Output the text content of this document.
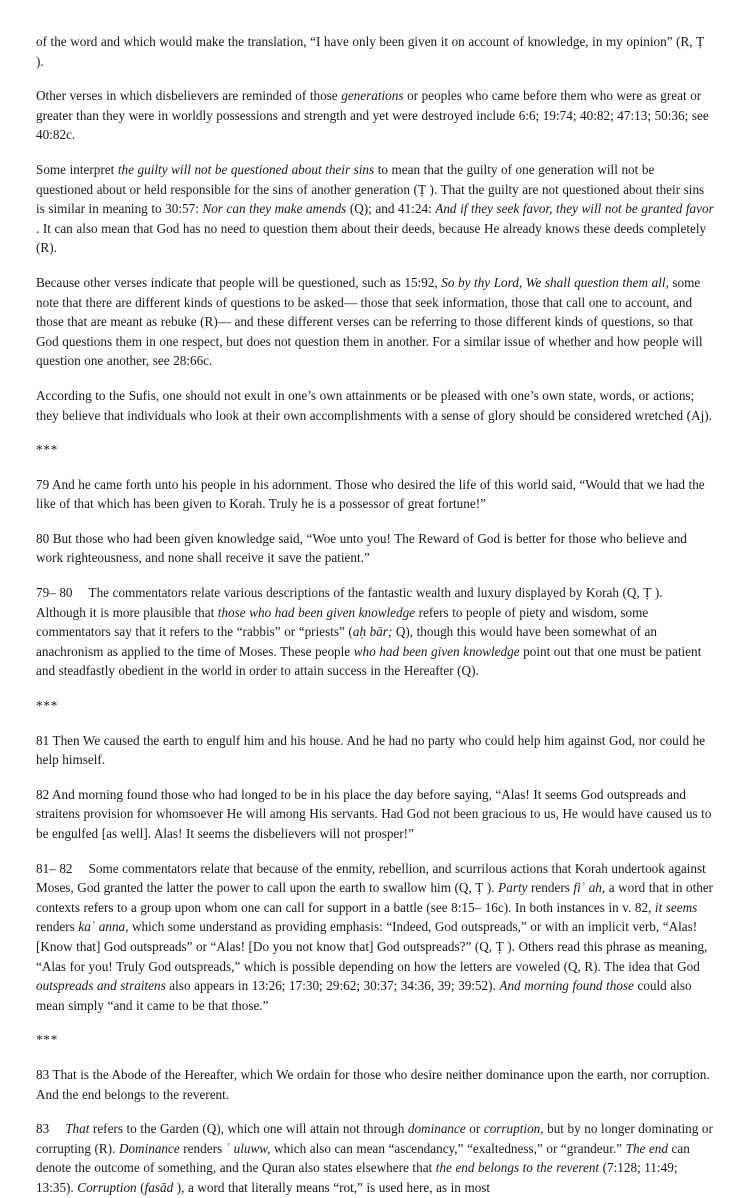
of the word and which would make the translation, “I have only been given it on account of knowledge, in my opinion” (R, Ṭ ).

Other verses in which disbelievers are reminded of those generations or peoples who came before them who were as great or greater than they were in worldly possessions and strength and yet were destroyed include 6:6; 19:74; 40:82; 47:13; 50:36; see 40:82c.

Some interpret the guilty will not be questioned about their sins to mean that the guilty of one generation will not be questioned about or held responsible for the sins of another generation (Ṭ ). That the guilty are not questioned about their sins is similar in meaning to 30:57: Nor can they make amends (Q); and 41:24: And if they seek favor, they will not be granted favor . It can also mean that God has no need to question them about their deeds, because He already knows these deeds completely (R).

Because other verses indicate that people will be questioned, such as 15:92, So by thy Lord, We shall question them all, some note that there are different kinds of questions to be asked— those that seek information, those that call one to account, and those that are meant as rebuke (R)— and these different verses can be referring to those different kinds of questions, so that God questions them in one respect, but does not question them in another. For a similar issue of whether and how people will question one another, see 28:66c.

According to the Sufis, one should not exult in one’s own attainments or be pleased with one’s own state, words, or actions; they believe that individuals who look at their own accomplishments with a sense of glory should be considered wretched (Aj).

***

79 And he came forth unto his people in his adornment. Those who desired the life of this world said, “Would that we had the like of that which has been given to Korah. Truly he is a possessor of great fortune!”

80 But those who had been given knowledge said, “Woe unto you! The Reward of God is better for those who believe and work righteousness, and none shall receive it save the patient.”

79– 80 The commentators relate various descriptions of the fantastic wealth and luxury displayed by Korah (Q, Ṭ ). Although it is more plausible that those who had been given knowledge refers to people of piety and wisdom, some commentators say that it refers to the “rabbis” or “priests” (aḥ bār; Q), though this would have been somewhat of an anachronism as applied to the time of Moses. These people who had been given knowledge point out that one must be patient and steadfastly obedient in the world in order to attain success in the Hereafter (Q).

***

81 Then We caused the earth to engulf him and his house. And he had no party who could help him against God, nor could he help himself.

82 And morning found those who had longed to be in his place the day before saying, “Alas! It seems God outspreads and straitens provision for whomsoever He will among His servants. Had God not been gracious to us, He would have caused us to be engulfed [as well]. Alas! It seems the disbelievers will not prosper!”

81– 82 Some commentators relate that because of the enmity, rebellion, and scurrilous actions that Korah undertook against Moses, God granted the latter the power to call upon the earth to swallow him (Q, Ṭ ). Party renders fiʾ ah, a word that in other contexts refers to a group upon whom one can call for support in a battle (see 8:15– 16c). In both instances in v. 82, it seems renders kaʾ anna, which some understand as providing emphasis: “Indeed, God outspreads,” or with an implicit verb, “Alas! [Know that] God outspreads” or “Alas! [Do you not know that] God outspreads?” (Q, Ṭ ). Others read this phrase as meaning, “Alas for you! Truly God outspreads,” which is possible depending on how the letters are voweled (Q, R). The idea that God outspreads and straitens also appears in 13:26; 17:30; 29:62; 30:37; 34:36, 39; 39:52). And morning found those could also mean simply “and it came to be that those.”

***

83 That is the Abode of the Hereafter, which We ordain for those who desire neither dominance upon the earth, nor corruption. And the end belongs to the reverent.

83 That refers to the Garden (Q), which one will attain not through dominance or corruption, but by no longer dominating or corrupting (R). Dominance renders ʿ uluww, which also can mean “ascendancy,” “exaltedness,” or “grandeur.” The end can denote the outcome of something, and the Quran also states elsewhere that the end belongs to the reverent (7:128; 11:49; 13:35). Corruption (fasād ), a word that literally means “rot,” is used here, as in most
